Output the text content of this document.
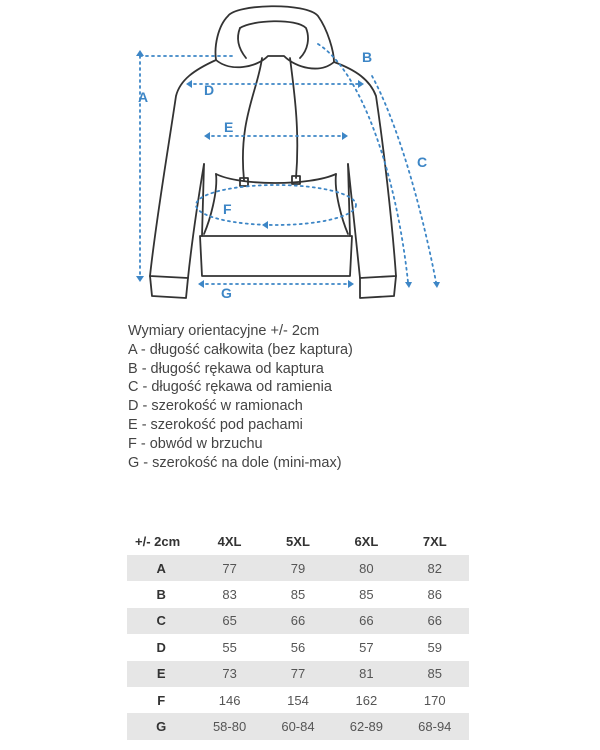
A
B
C
D
E
F
G
Wymiary orientacyjne +/- 2cm
A - długość całkowita (bez kaptura)
B - długość rękawa od kaptura
C - długość rękawa od ramienia
D - szerokość w ramionach
E - szerokość pod pachami
F - obwód w brzuchu
G - szerokość na dole (mini-max)
+/- 2cm	4XL	5XL	6XL	7XL
A	77	79	80	82
B	83	85	85	86
C	65	66	66	66
D	55	56	57	59
E	73	77	81	85
F	146	154	162	170
G	58-80	60-84	62-89	68-94
